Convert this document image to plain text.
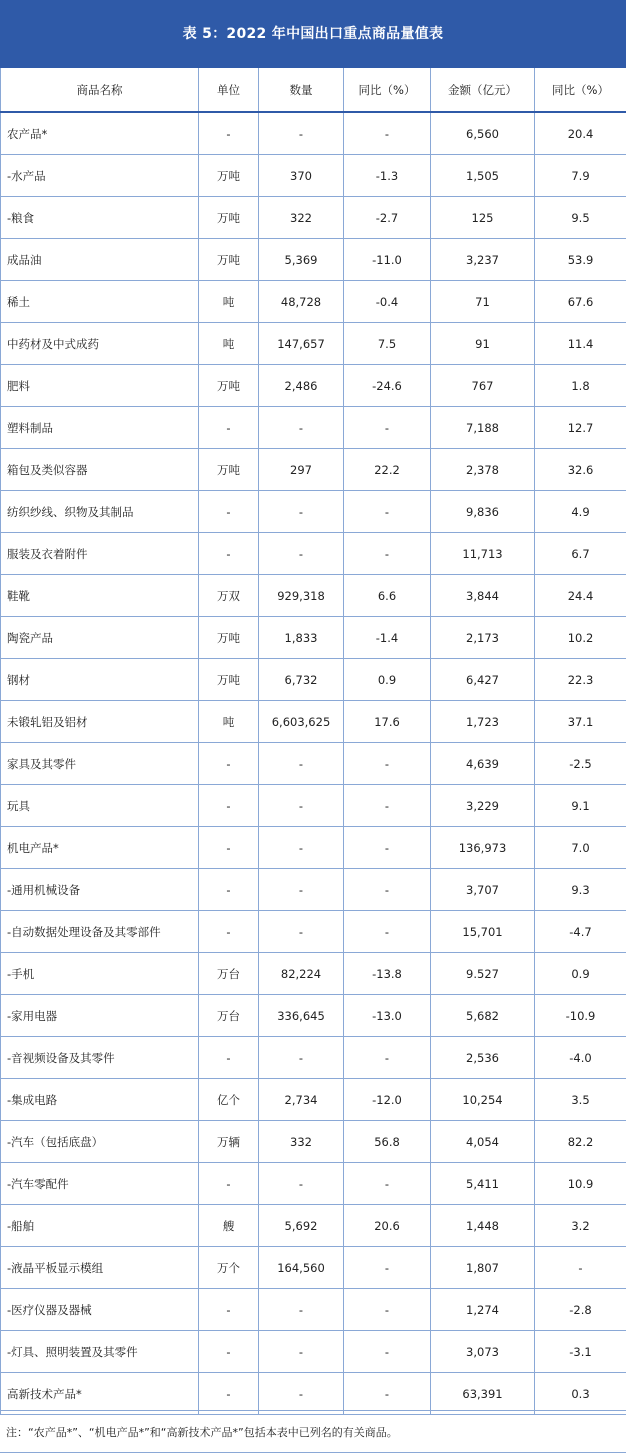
表 5：2022 年中国出口重点商品量值表
商品名称	单位	数量	同比（%）	金额（亿元）	同比（%）
农产品*	-	-	-	6,560	20.4
-水产品	万吨	370	-1.3	1,505	7.9
-粮食	万吨	322	-2.7	125	9.5
成品油	万吨	5,369	-11.0	3,237	53.9
稀土	吨	48,728	-0.4	71	67.6
中药材及中式成药	吨	147,657	7.5	91	11.4
肥料	万吨	2,486	-24.6	767	1.8
塑料制品	-	-	-	7,188	12.7
箱包及类似容器	万吨	297	22.2	2,378	32.6
纺织纱线、织物及其制品	-	-	-	9,836	4.9
服装及衣着附件	-	-	-	11,713	6.7
鞋靴	万双	929,318	6.6	3,844	24.4
陶瓷产品	万吨	1,833	-1.4	2,173	10.2
钢材	万吨	6,732	0.9	6,427	22.3
未锻轧铝及铝材	吨	6,603,625	17.6	1,723	37.1
家具及其零件	-	-	-	4,639	-2.5
玩具	-	-	-	3,229	9.1
机电产品*	-	-	-	136,973	7.0
-通用机械设备	-	-	-	3,707	9.3
-自动数据处理设备及其零部件	-	-	-	15,701	-4.7
-手机	万台	82,224	-13.8	9.527	0.9
-家用电器	万台	336,645	-13.0	5,682	-10.9
-音视频设备及其零件	-	-	-	2,536	-4.0
-集成电路	亿个	2,734	-12.0	10,254	3.5
-汽车（包括底盘）	万辆	332	56.8	4,054	82.2
-汽车零配件	-	-	-	5,411	10.9
-船舶	艘	5,692	20.6	1,448	3.2
-液晶平板显示模组	万个	164,560	-	1,807	-
-医疗仪器及器械	-	-	-	1,274	-2.8
-灯具、照明装置及其零件	-	-	-	3,073	-3.1
高新技术产品*	-	-	-	63,391	0.3
注：“农产品*”、“机电产品*”和“高新技术产品*”包括本表中已列名的有关商品。
